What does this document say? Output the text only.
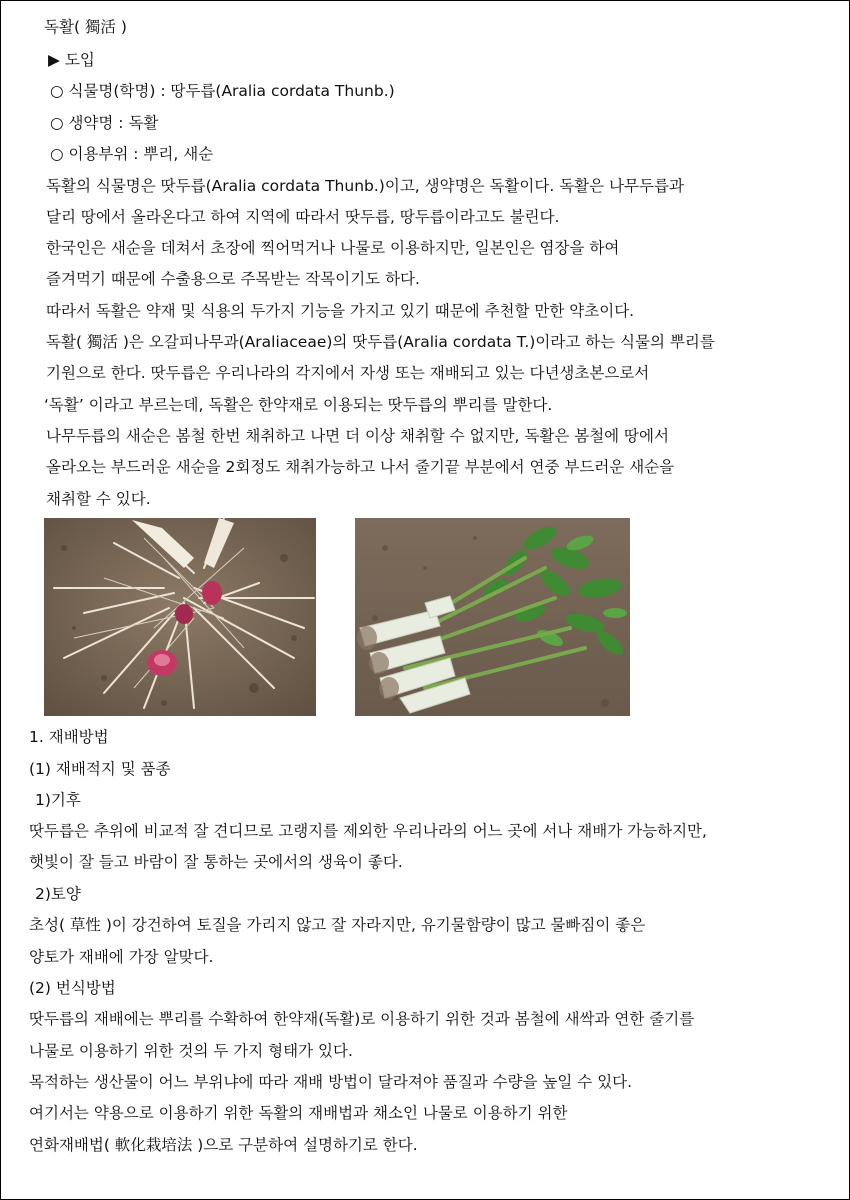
독활( 獨活 )
▶ 도입
○ 식물명(학명) : 땅두릅(Aralia cordata Thunb.)
○ 생약명 : 독활
○ 이용부위 : 뿌리, 새순
독활의 식물명은 땃두릅(Aralia cordata Thunb.)이고, 생약명은 독활이다. 독활은 나무두릅과
달리 땅에서 올라온다고 하여 지역에 따라서 땃두릅, 땅두릅이라고도 불린다.
한국인은 새순을 데쳐서 초장에 찍어먹거나 나물로 이용하지만, 일본인은 염장을 하여
즐겨먹기 때문에 수출용으로 주목받는 작목이기도 하다.
따라서 독활은 약재 및 식용의 두가지 기능을 가지고 있기 때문에 추천할 만한 약초이다.
독활( 獨活 )은 오갈피나무과(Araliaceae)의 땃두릅(Aralia cordata T.)이라고 하는 식물의 뿌리를
기원으로 한다. 땃두릅은 우리나라의 각지에서 자생 또는 재배되고 있는 다년생초본으로서
‘독활’ 이라고 부르는데, 독활은 한약재로 이용되는 땃두릅의 뿌리를 말한다.
나무두릅의 새순은 봄철 한번 채취하고 나면 더 이상 채취할 수 없지만, 독활은 봄철에 땅에서
올라오는 부드러운 새순을 2회정도 채취가능하고 나서 줄기끝 부분에서 연중 부드러운 새순을
채취할 수 있다.
1. 재배방법
(1) 재배적지 및 품종
1)기후
땃두릅은 추위에 비교적 잘 견디므로 고랭지를 제외한 우리나라의 어느 곳에 서나 재배가 가능하지만,
햇빛이 잘 들고 바람이 잘 통하는 곳에서의 생육이 좋다.
2)토양
초성( 草性 )이 강건하여 토질을 가리지 않고 잘 자라지만, 유기물함량이 많고 물빠짐이 좋은
양토가 재배에 가장 알맞다.
(2) 번식방법
땃두릅의 재배에는 뿌리를 수확하여 한약재(독활)로 이용하기 위한 것과 봄철에 새싹과 연한 줄기를
나물로 이용하기 위한 것의 두 가지 형태가 있다.
목적하는 생산물이 어느 부위냐에 따라 재배 방법이 달라져야 품질과 수량을 높일 수 있다.
여기서는 약용으로 이용하기 위한 독활의 재배법과 채소인 나물로 이용하기 위한
연화재배법( 軟化栽培法 )으로 구분하여 설명하기로 한다.
